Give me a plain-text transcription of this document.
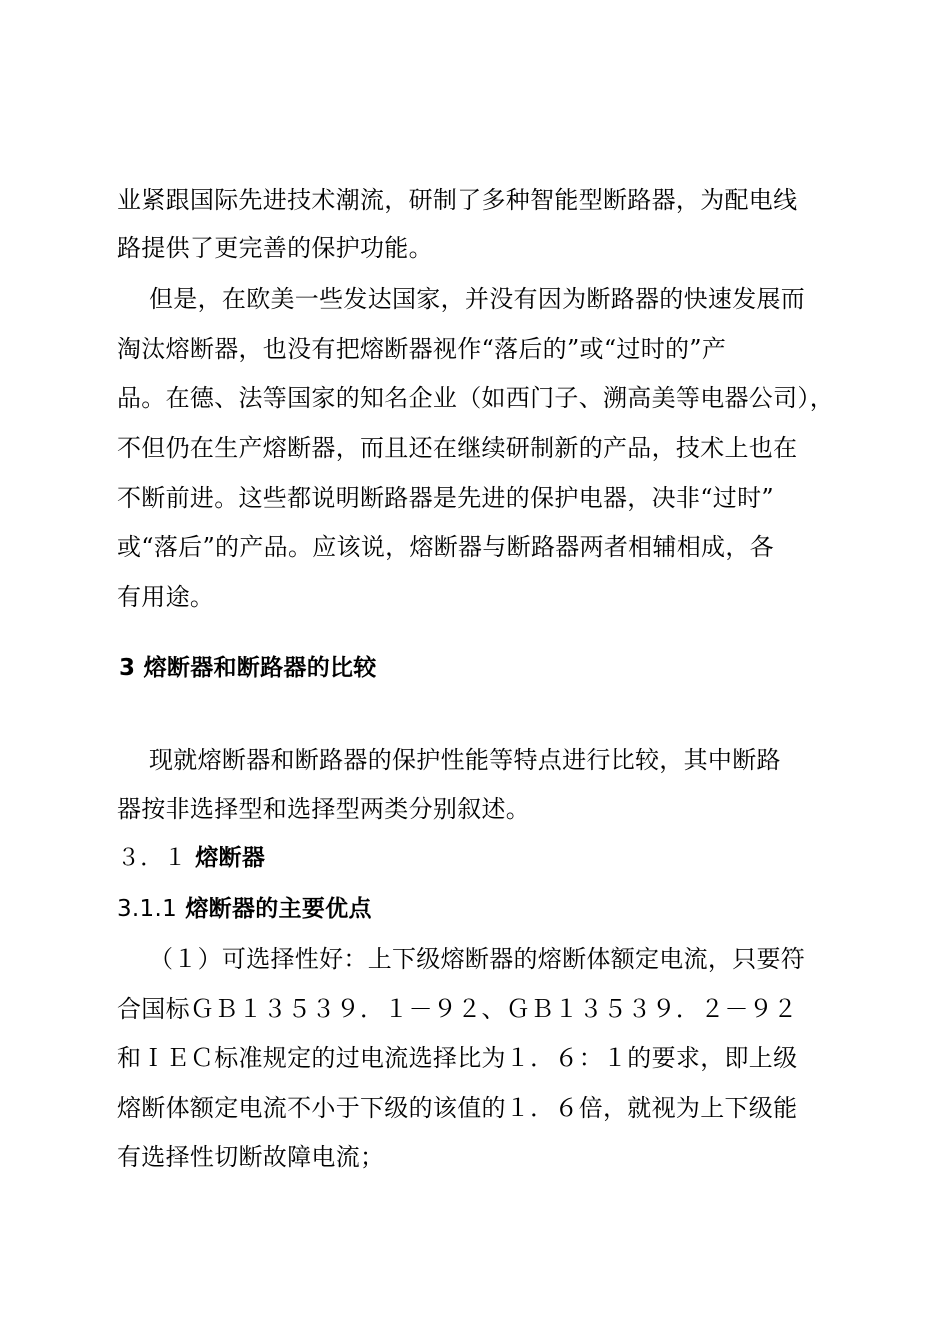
业紧跟国际先进技术潮流，研制了多种智能型断路器，为配电线
路提供了更完善的保护功能。
但是，在欧美一些发达国家，并没有因为断路器的快速发展而
淘汰熔断器，也没有把熔断器视作“落后的”或“过时的”产
品。在德、法等国家的知名企业（如西门子、溯高美等电器公司），
不但仍在生产熔断器，而且还在继续研制新的产品，技术上也在
不断前进。这些都说明断路器是先进的保护电器，决非“过时”
或“落后”的产品。应该说，熔断器与断路器两者相辅相成，各
有用途。
3 熔断器和断路器的比较
现就熔断器和断路器的保护性能等特点进行比较，其中断路
器按非选择型和选择型两类分别叙述。
３．１ 熔断器
3.1.1 熔断器的主要优点
（１）可选择性好：上下级熔断器的熔断体额定电流，只要符
合国标ＧＢ１３５３９．１－９２、ＧＢ１３５３９．２－９２
和ＩＥＣ标准规定的过电流选择比为１．６：１的要求，即上级
熔断体额定电流不小于下级的该值的１．６倍，就视为上下级能
有选择性切断故障电流；
